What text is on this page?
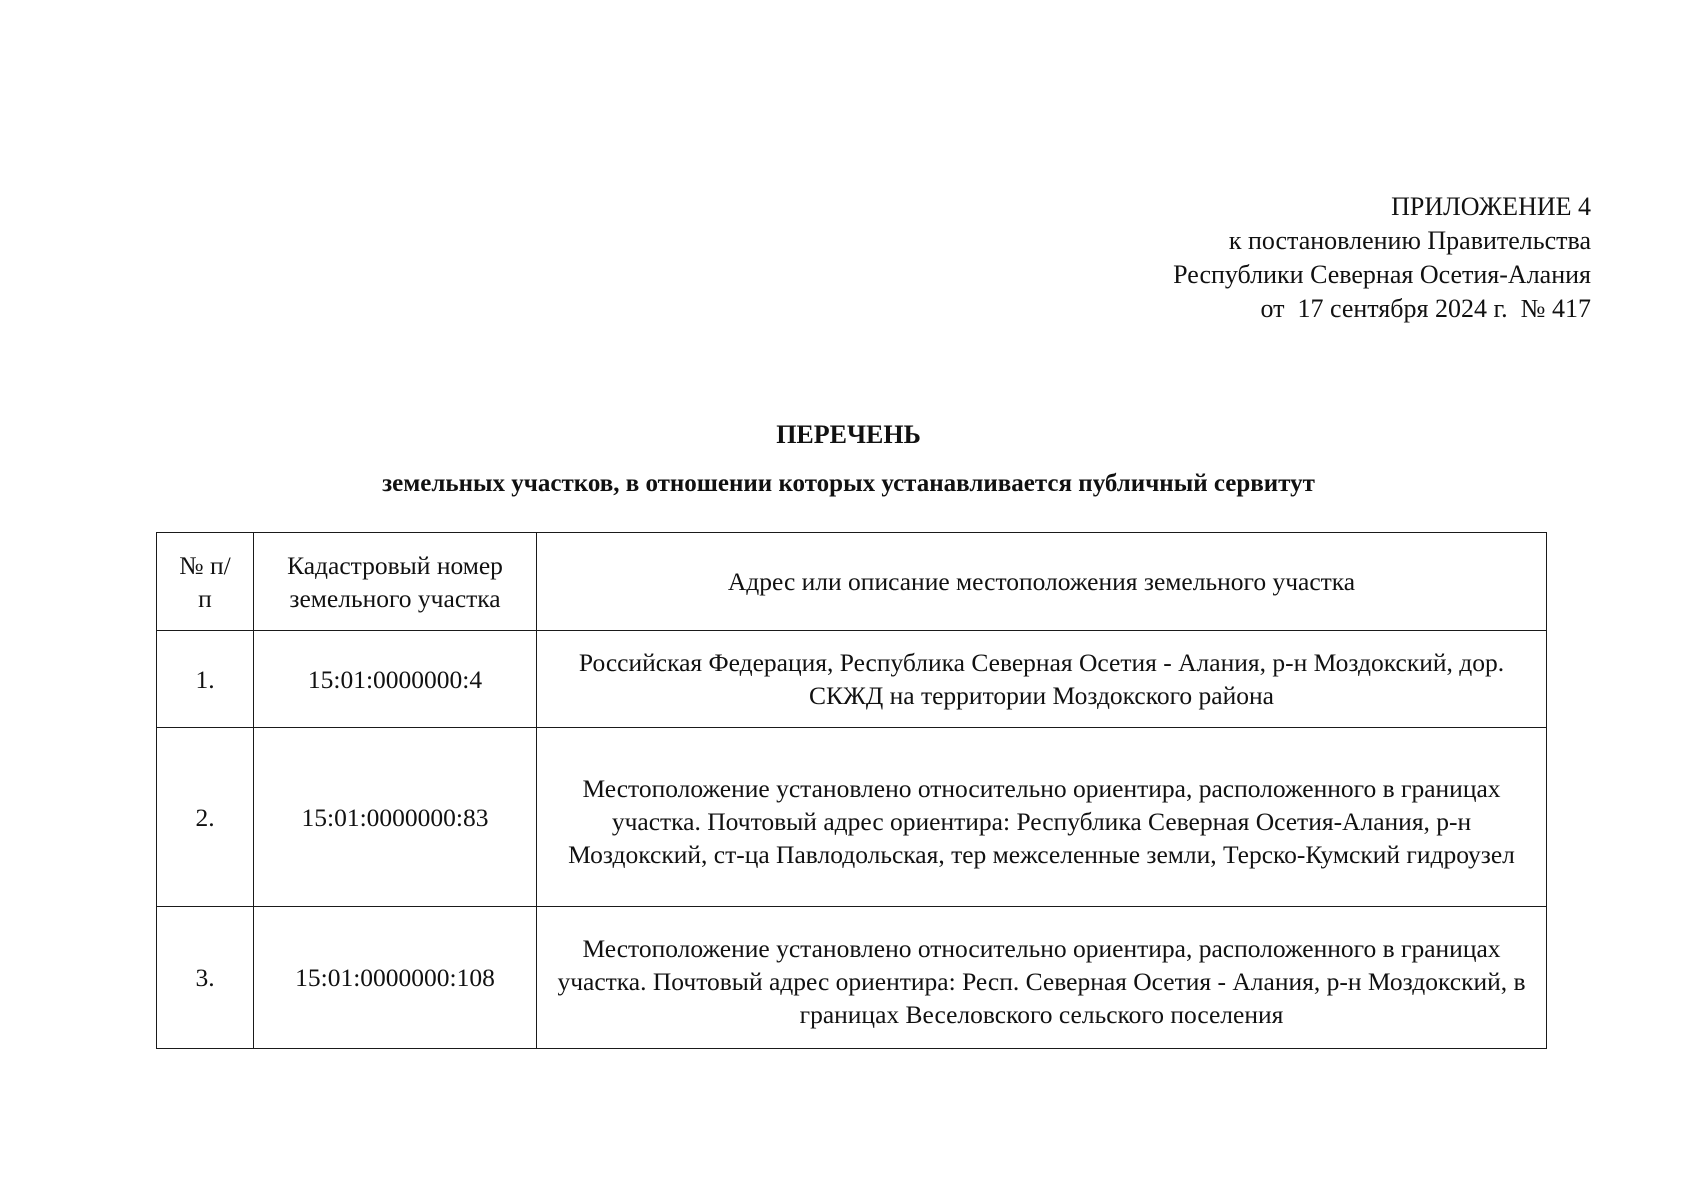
ПРИЛОЖЕНИЕ 4
к постановлению Правительства
Республики Северная Осетия-Алания
от  17 сентября 2024 г.  № 417
ПЕРЕЧЕНЬ
земельных участков, в отношении которых устанавливается публичный сервитут
№ п/п	Кадастровый номер земельного участка	Адрес или описание местоположения земельного участка
1.	15:01:0000000:4	Российская Федерация, Республика Северная Осетия - Алания, р-н Моздокский, дор. СКЖД на территории Моздокского района
2.	15:01:0000000:83	Местоположение установлено относительно ориентира, расположенного в границах участка. Почтовый адрес ориентира: Республика Северная Осетия-Алания, р-н Моздокский, ст-ца Павлодольская, тер межселенные земли, Терско-Кумский гидроузел
3.	15:01:0000000:108	Местоположение установлено относительно ориентира, расположенного в границах участка. Почтовый адрес ориентира: Респ. Северная Осетия - Алания, р-н Моздокский, в границах Веселовского сельского поселения
